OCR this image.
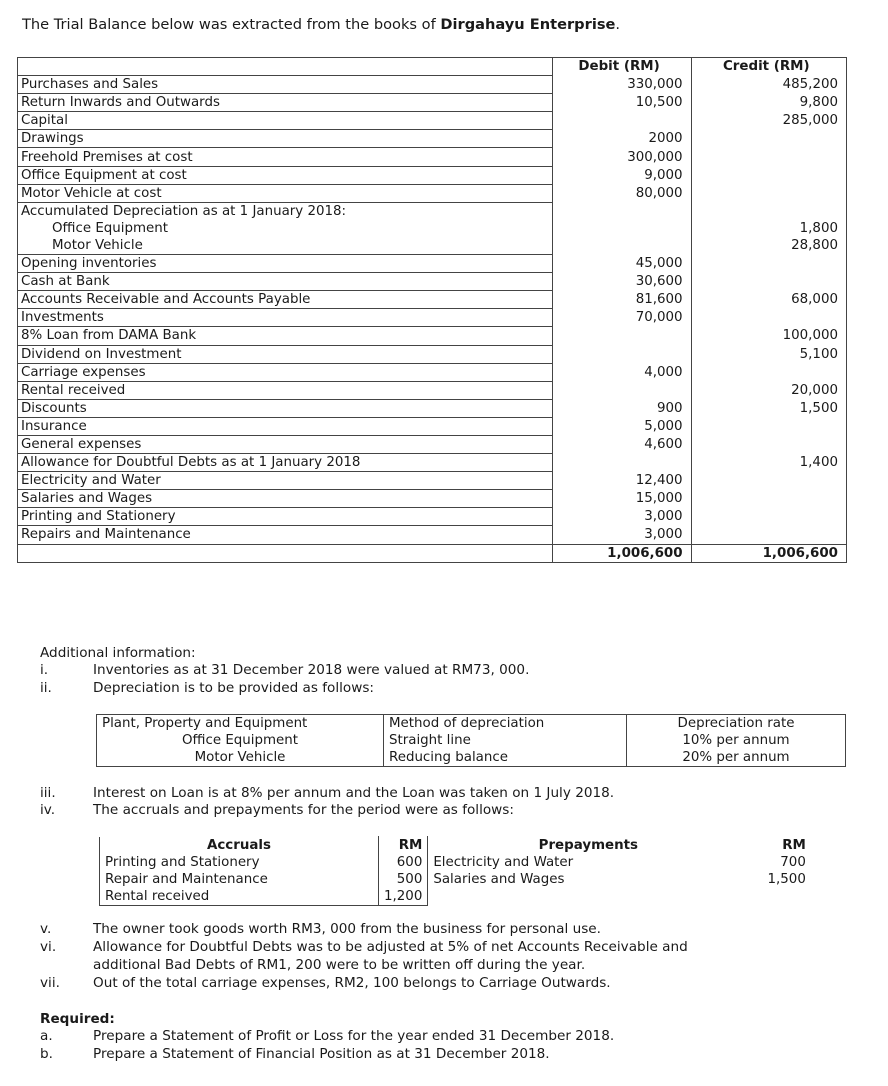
The Trial Balance below was extracted from the books of Dirgahayu Enterprise.
	Debit (RM)	Credit (RM)
Purchases and Sales	330,000	485,200
Return Inwards and Outwards	10,500	9,800
Capital		285,000
Drawings	2000	
Freehold Premises at cost	300,000	
Office Equipment at cost	9,000	
Motor Vehicle at cost	80,000	
Accumulated Depreciation as at 1 January 2018:		
Office Equipment		1,800
Motor Vehicle		28,800
Opening inventories	45,000	
Cash at Bank	30,600	
Accounts Receivable and Accounts Payable	81,600	68,000
Investments	70,000	
8% Loan from DAMA Bank		100,000
Dividend on Investment		5,100
Carriage expenses	4,000	
Rental received		20,000
Discounts	900	1,500
Insurance	5,000	
General expenses	4,600	
Allowance for Doubtful Debts as at 1 January 2018		1,400
Electricity and Water	12,400	
Salaries and Wages	15,000	
Printing and Stationery	3,000	
Repairs and Maintenance	3,000	
	1,006,600	1,006,600
Additional information:
i.	Inventories as at 31 December 2018 were valued at RM73, 000.
ii.	Depreciation is to be provided as follows:
Plant, Property and Equipment	Method of depreciation	Depreciation rate
Office Equipment	Straight line	10% per annum
Motor Vehicle	Reducing balance	20% per annum
iii.	Interest on Loan is at 8% per annum and the Loan was taken on 1 July 2018.
iv.	The accruals and prepayments for the period were as follows:
Accruals	RM	Prepayments	RM
Printing and Stationery	600	Electricity and Water	700
Repair and Maintenance	500	Salaries and Wages	1,500
Rental received	1,200		
v.	The owner took goods worth RM3, 000 from the business for personal use.
vi.	Allowance for Doubtful Debts was to be adjusted at 5% of net Accounts Receivable and
additional Bad Debts of RM1, 200 were to be written off during the year.
vii. Out of the total carriage expenses, RM2, 100 belongs to Carriage Outwards.
Required:
a.	Prepare a Statement of Profit or Loss for the year ended 31 December 2018.
b.	Prepare a Statement of Financial Position as at 31 December 2018.
